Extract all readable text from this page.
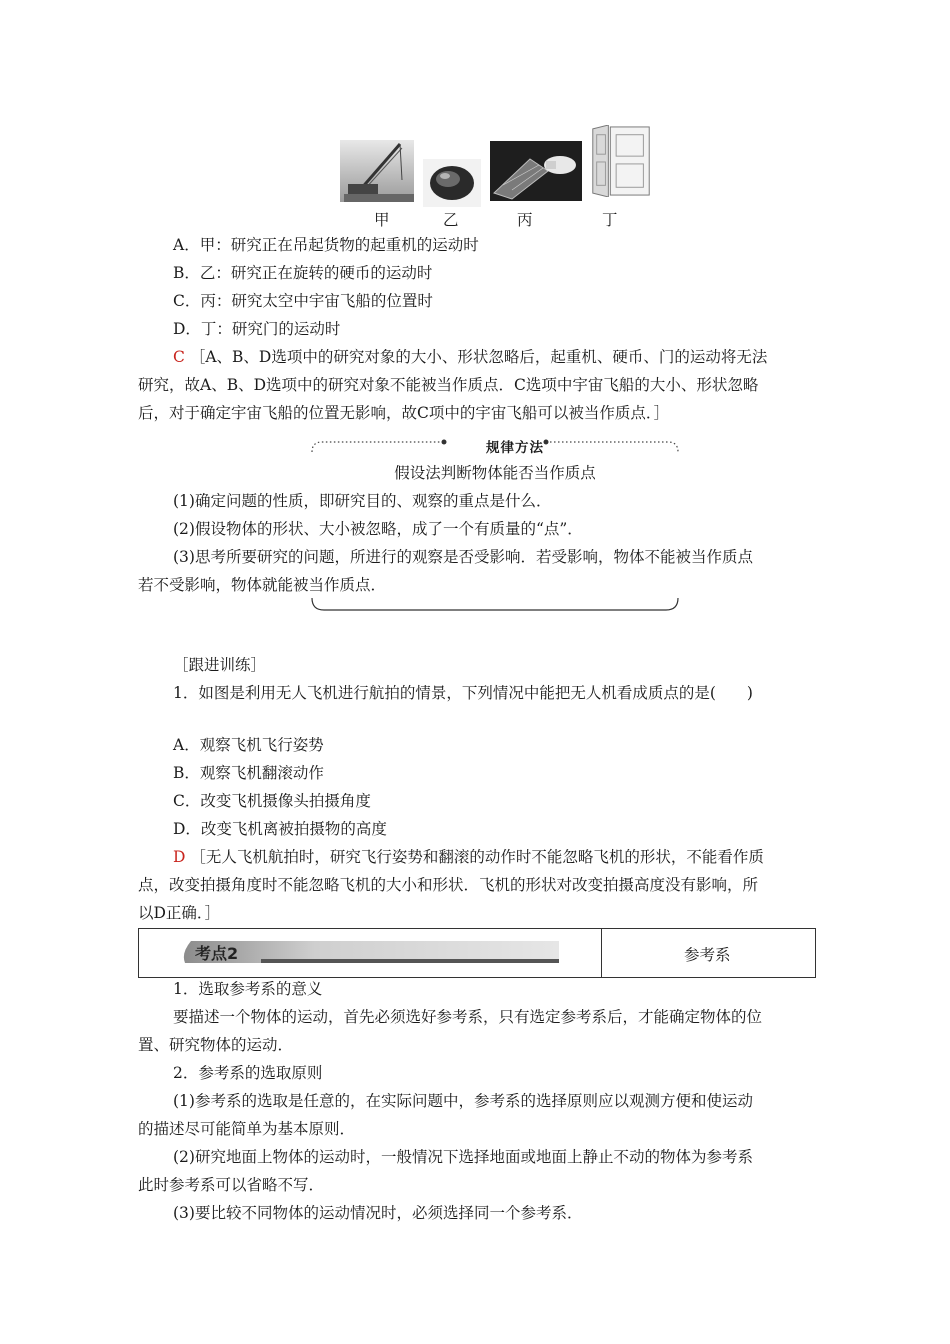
甲	乙	丙	丁
A．甲：研究正在吊起货物的起重机的运动时
B．乙：研究正在旋转的硬币的运动时
C．丙：研究太空中宇宙飞船的位置时
D．丁：研究门的运动时
C ［A、B、D选项中的研究对象的大小、形状忽略后，起重机、硬币、门的运动将无法
研究，故A、B、D选项中的研究对象不能被当作质点．C选项中宇宙飞船的大小、形状忽略
后，对于确定宇宙飞船的位置无影响，故C项中的宇宙飞船可以被当作质点．］
规律方法
假设法判断物体能否当作质点
(1)确定问题的性质，即研究目的、观察的重点是什么．
(2)假设物体的形状、大小被忽略，成了一个有质量的“点”．
(3)思考所要研究的问题，所进行的观察是否受影响．若受影响，物体不能被当作质点
若不受影响，物体就能被当作质点．
［跟进训练］
1．如图是利用无人飞机进行航拍的情景，下列情况中能把无人机看成质点的是(　　)
A．观察飞机飞行姿势
B．观察飞机翻滚动作
C．改变飞机摄像头拍摄角度
D．改变飞机离被拍摄物的高度
D ［无人飞机航拍时，研究飞行姿势和翻滚的动作时不能忽略飞机的形状，不能看作质
点，改变拍摄角度时不能忽略飞机的大小和形状．飞机的形状对改变拍摄高度没有影响，所
以D正确．］
考点2	参考系
1．选取参考系的意义
要描述一个物体的运动，首先必须选好参考系，只有选定参考系后，才能确定物体的位
置、研究物体的运动．
2．参考系的选取原则
(1)参考系的选取是任意的，在实际问题中，参考系的选择原则应以观测方便和使运动
的描述尽可能简单为基本原则．
(2)研究地面上物体的运动时，一般情况下选择地面或地面上静止不动的物体为参考系
此时参考系可以省略不写．
(3)要比较不同物体的运动情况时，必须选择同一个参考系．
